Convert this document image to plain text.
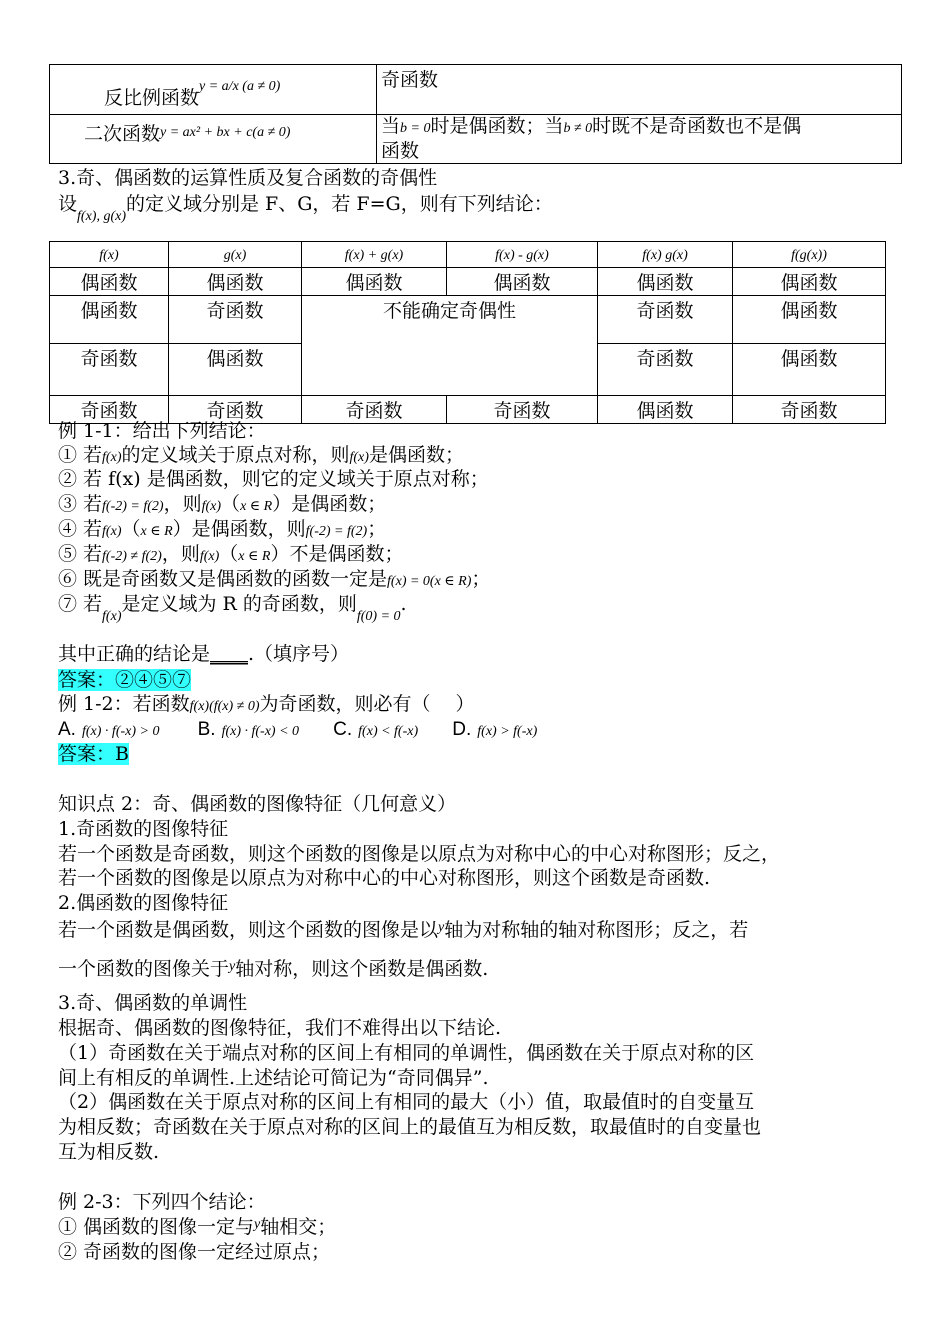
反比例函数$^{y = a/x (a \ne 0)}$	奇函数

二次函数$^{y = ax^2 + bx + c(a \ne 0)}$	当b = 0时是偶函数；当b ≠ 0时既不是奇函数也不是偶
函数
3.奇、偶函数的运算性质及复合函数的奇偶性
设$_{f(x), g(x)}$的定义域分别是 F、G，若 F=G，则有下列结论：
f(x)	g(x)	f(x) + g(x)	f(x) - g(x)	f(x) g(x)	f(g(x))
偶函数	偶函数	偶函数	偶函数	偶函数	偶函数
偶函数	奇函数	不能确定奇偶性		奇函数	偶函数
奇函数	偶函数			奇函数	偶函数
奇函数	奇函数	奇函数	奇函数	偶函数	奇函数
例 1-1：给出下列结论：
① 若f(x)的定义域关于原点对称，则f(x)是偶函数；
② 若 f(x) 是偶函数，则它的定义域关于原点对称；
③ 若f(-2) = f(2)，则f(x)（x ∈ R）是偶函数；
④ 若f(x)（x ∈ R）是偶函数，则f(-2) = f(2)；
⑤ 若f(-2) ≠ f(2)，则f(x)（x ∈ R）不是偶函数；
⑥ 既是奇函数又是偶函数的函数一定是f(x) = 0(x ∈ R)；
⑦ 若$_{f(x)}$是定义域为 R 的奇函数，则$_{f(0) = 0}$.
其中正确的结论是____.（填序号）
答案：②④⑤⑦
例 1-2：若函数f(x)(f(x) ≠ 0)为奇函数，则必有（　 ）
A. f(x) · f(-x) > 0 B. f(x) · f(-x) < 0 C. f(x) < f(-x) D. f(x) > f(-x)
答案：B
知识点 2：奇、偶函数的图像特征（几何意义）
1.奇函数的图像特征
若一个函数是奇函数，则这个函数的图像是以原点为对称中心的中心对称图形；反之，
若一个函数的图像是以原点为对称中心的中心对称图形，则这个函数是奇函数.
2.偶函数的图像特征
若一个函数是偶函数，则这个函数的图像是以$^y$轴为对称轴的轴对称图形；反之，若
一个函数的图像关于$^y$轴对称，则这个函数是偶函数.
3.奇、偶函数的单调性
根据奇、偶函数的图像特征，我们不难得出以下结论.
（1）奇函数在关于端点对称的区间上有相同的单调性，偶函数在关于原点对称的区
间上有相反的单调性.上述结论可简记为“奇同偶异”.
（2）偶函数在关于原点对称的区间上有相同的最大（小）值，取最值时的自变量互
为相反数；奇函数在关于原点对称的区间上的最值互为相反数，取最值时的自变量也
互为相反数.
例 2-3：下列四个结论：
① 偶函数的图像一定与$^y$轴相交；
② 奇函数的图像一定经过原点；
